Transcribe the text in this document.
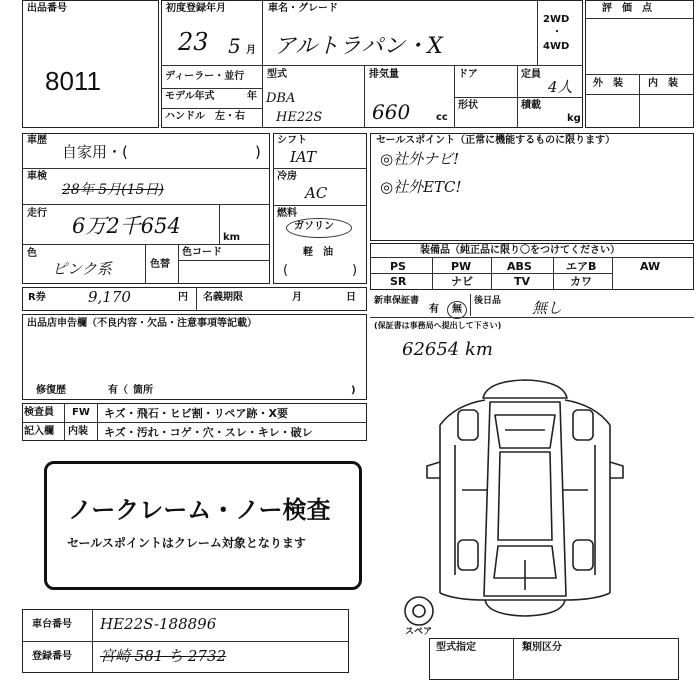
出品番号
8011
初度登録年月
23 5 月
車名・グレード
アルトラパン・X
2WD
・
4WD
ディーラー・並行
モデル年式	年
ハンドル　左・右
型式
DBA
HE22S
排気量
660	cc
ドア	定員
4人
形状	積載
kg
評　価　点
外　装	内　装
車歴
自家用・(	)
車検
28年 5月(15日)
走行
6万2千654	km
色
ピンク系	色替
色コード
シフト
IAT
冷房
AC
燃料
ガソリン
軽　油
(	)
セールスポイント（正常に機能するものに限ります）
◎社外ナビ!
◎社外ETC!
装備品（純正品に限り〇をつけてください）
PS	PW	ABS	エアB	AW
SR	ナビ	TV	カワ
R券	9,170	円 名義期限	月	日 新車保証書
有 無
後日品 無し
(保証書は事務局へ提出して下さい)
62654 km
出品店申告欄（不良内容・欠品・注意事項等記載）
修復歴	有（ 箇所	)
検査員
記入欄
FW キズ・飛石・ヒビ割・リペア跡・X要
内装 キズ・汚れ・コゲ・穴・スレ・キレ・破レ
ノークレーム・ノー検査
セールスポイントはクレーム対象となります
車台番号 HE22S-188896
登録番号 宮崎 581 ち 2732
スペア
型式指定	類別区分
